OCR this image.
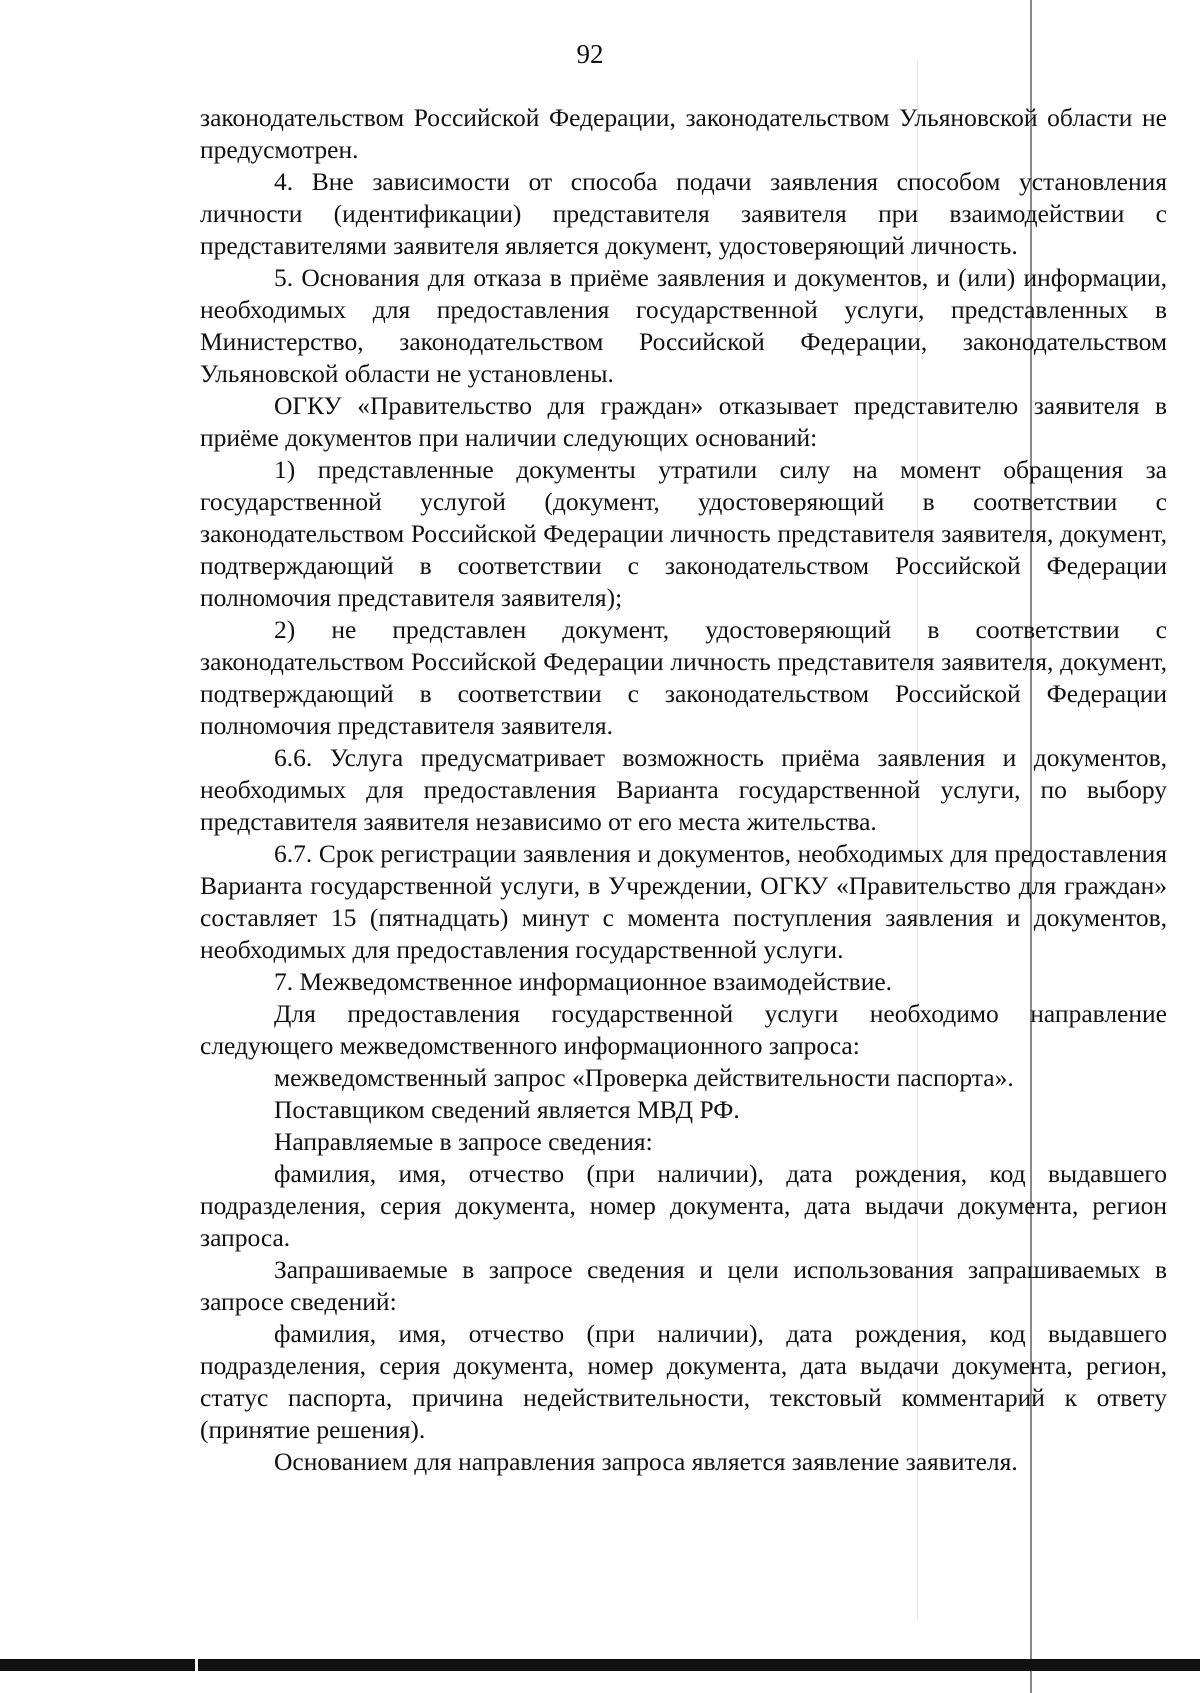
92

законодательством Российской Федерации, законодательством Ульяновской области не предусмотрен.

4. Вне зависимости от способа подачи заявления способом установления личности (идентификации) представителя заявителя при взаимодействии с представителями заявителя является документ, удостоверяющий личность.

5. Основания для отказа в приёме заявления и документов, и (или) информации, необходимых для предоставления государственной услуги, представленных в Министерство, законодательством Российской Федерации, законодательством Ульяновской области не установлены.

ОГКУ «Правительство для граждан» отказывает представителю заявителя в приёме документов при наличии следующих оснований:

1) представленные документы утратили силу на момент обращения за государственной услугой (документ, удостоверяющий в соответствии с законодательством Российской Федерации личность представителя заявителя, документ, подтверждающий в соответствии с законодательством Российской Федерации полномочия представителя заявителя);

2) не представлен документ, удостоверяющий в соответствии с законодательством Российской Федерации личность представителя заявителя, документ, подтверждающий в соответствии с законодательством Российской Федерации полномочия представителя заявителя.

6.6. Услуга предусматривает возможность приёма заявления и документов, необходимых для предоставления Варианта государственной услуги, по выбору представителя заявителя независимо от его места жительства.

6.7. Срок регистрации заявления и документов, необходимых для предоставления Варианта государственной услуги, в Учреждении, ОГКУ «Правительство для граждан» составляет 15 (пятнадцать) минут с момента поступления заявления и документов, необходимых для предоставления государственной услуги.

7. Межведомственное информационное взаимодействие.

Для предоставления государственной услуги необходимо направление следующего межведомственного информационного запроса:

межведомственный запрос «Проверка действительности паспорта».

Поставщиком сведений является МВД РФ.

Направляемые в запросе сведения:

фамилия, имя, отчество (при наличии), дата рождения, код выдавшего подразделения, серия документа, номер документа, дата выдачи документа, регион запроса.

Запрашиваемые в запросе сведения и цели использования запрашиваемых в запросе сведений:

фамилия, имя, отчество (при наличии), дата рождения, код выдавшего подразделения, серия документа, номер документа, дата выдачи документа, регион, статус паспорта, причина недействительности, текстовый комментарий к ответу (принятие решения).

Основанием для направления запроса является заявление заявителя.
